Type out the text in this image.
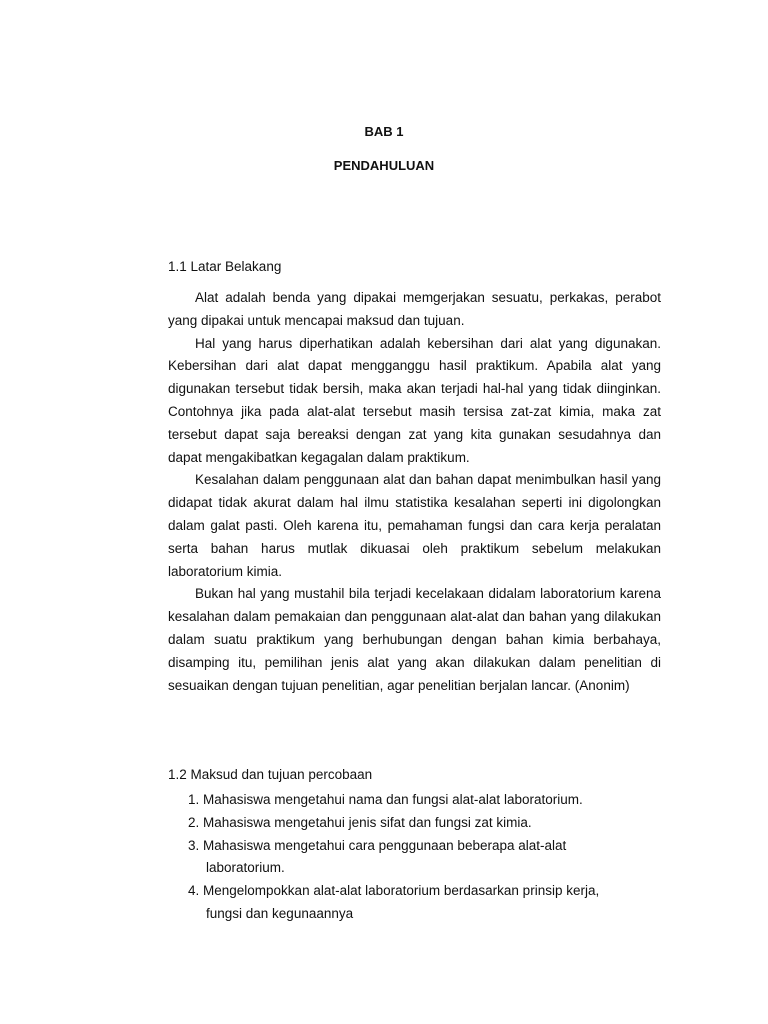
BAB 1
PENDAHULUAN
1.1 Latar Belakang

Alat adalah benda yang dipakai memgerjakan sesuatu, perkakas, perabot yang dipakai untuk mencapai maksud dan tujuan.

Hal yang harus diperhatikan adalah kebersihan dari alat yang digunakan. Kebersihan dari alat dapat mengganggu hasil praktikum. Apabila alat yang digunakan tersebut tidak bersih, maka akan terjadi hal-hal yang tidak diinginkan. Contohnya jika pada alat-alat tersebut masih tersisa zat-zat kimia, maka zat tersebut dapat saja bereaksi dengan zat yang kita gunakan sesudahnya dan dapat mengakibatkan kegagalan dalam praktikum.

Kesalahan dalam penggunaan alat dan bahan dapat menimbulkan hasil yang didapat tidak akurat dalam hal ilmu statistika kesalahan seperti ini digolongkan dalam galat pasti. Oleh karena itu, pemahaman fungsi dan cara kerja peralatan serta bahan harus mutlak dikuasai oleh praktikum sebelum melakukan laboratorium kimia.

Bukan hal yang mustahil bila terjadi kecelakaan didalam laboratorium karena kesalahan dalam pemakaian dan penggunaan alat-alat dan bahan yang dilakukan dalam suatu praktikum yang berhubungan dengan bahan kimia berbahaya, disamping itu, pemilihan jenis alat yang akan dilakukan dalam penelitian di sesuaikan dengan tujuan penelitian, agar penelitian berjalan lancar. (Anonim)

1.2 Maksud dan tujuan percobaan
1. Mahasiswa mengetahui nama dan fungsi alat-alat laboratorium.
2. Mahasiswa mengetahui jenis sifat dan fungsi zat kimia.
3. Mahasiswa mengetahui cara penggunaan beberapa alat-alat laboratorium.
4. Mengelompokkan alat-alat laboratorium berdasarkan prinsip kerja, fungsi dan kegunaannya
